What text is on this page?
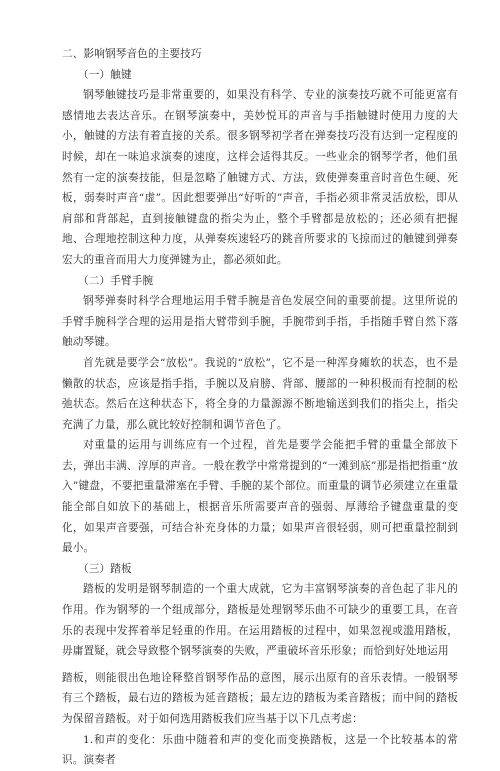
二、影响钢琴音色的主要技巧

（一）触键

钢琴触键技巧是非常重要的，如果没有科学、专业的演奏技巧就不可能更富有感情地去表达音乐。在钢琴演奏中，美妙悦耳的声音与手指触键时使用力度的大小，触键的方法有着直接的关系。很多钢琴初学者在弹奏技巧没有达到一定程度的时候，却在一味追求演奏的速度，这样会适得其反。一些业余的钢琴学者，他们虽然有一定的演奏技能，但是忽略了触键方式、方法，致使弹奏重音时音色生硬、死板，弱奏时声音“虚”。因此想要弹出“好听的”声音，手指必须非常灵活放松，即从肩部和背部起，直到接触键盘的指尖为止，整个手臂都是放松的；还必须有把握地、合理地控制这种力度，从弹奏疾速轻巧的跳音所要求的飞掠而过的触键到弹奏宏大的重音而用大力度弹键为止，都必须如此。

（二）手臂手腕

钢琴弹奏时科学合理地运用手臂手腕是音色发展空间的重要前提。这里所说的手臂手腕科学合理的运用是指大臂带到手腕，手腕带到手指，手指随手臂自然下落触动琴键。

首先就是要学会“放松”。我说的“放松”，它不是一种浑身瘫软的状态，也不是懒散的状态，应该是指手指，手腕以及肩膀、背部、腰部的一种积极而有控制的松弛状态。然后在这种状态下，将全身的力量源源不断地输送到我们的指尖上，指尖充满了力量，那么就比较好控制和调节音色了。

对重量的运用与训练应有一个过程，首先是要学会能把手臂的重量全部放下去，弹出丰满、淳厚的声音。一般在教学中常常提到的“一滩到底”那是指把指重“放入”键盘，不要把重量滞塞在手臂、手腕的某个部位。而重量的调节必须建立在重量能全部自如放下的基础上，根据音乐所需要声音的强弱、厚薄给予键盘重量的变化，如果声音要强，可结合补充身体的力量；如果声音很轻弱，则可把重量控制到最小。

（三）踏板

踏板的发明是钢琴制造的一个重大成就，它为丰富钢琴演奏的音色起了非凡的作用。作为钢琴的一个组成部分，踏板是处理钢琴乐曲不可缺少的重要工具，在音乐的表现中发挥着举足轻重的作用。在运用踏板的过程中，如果忽视或滥用踏板，毋庸置疑，就会导致整个钢琴演奏的失败，严重破坏音乐形象；而恰到好处地运用

踏板，则能很出色地诠释整首钢琴作品的意图，展示出原有的音乐表情。一般钢琴有三个踏板，最右边的踏板为延音踏板；最左边的踏板为柔音踏板；而中间的踏板为保留音踏板。对于如何选用踏板我们应当基于以下几点考虑：

1.和声的变化：乐曲中随着和声的变化而变换踏板，这是一个比较基本的常识。演奏者
